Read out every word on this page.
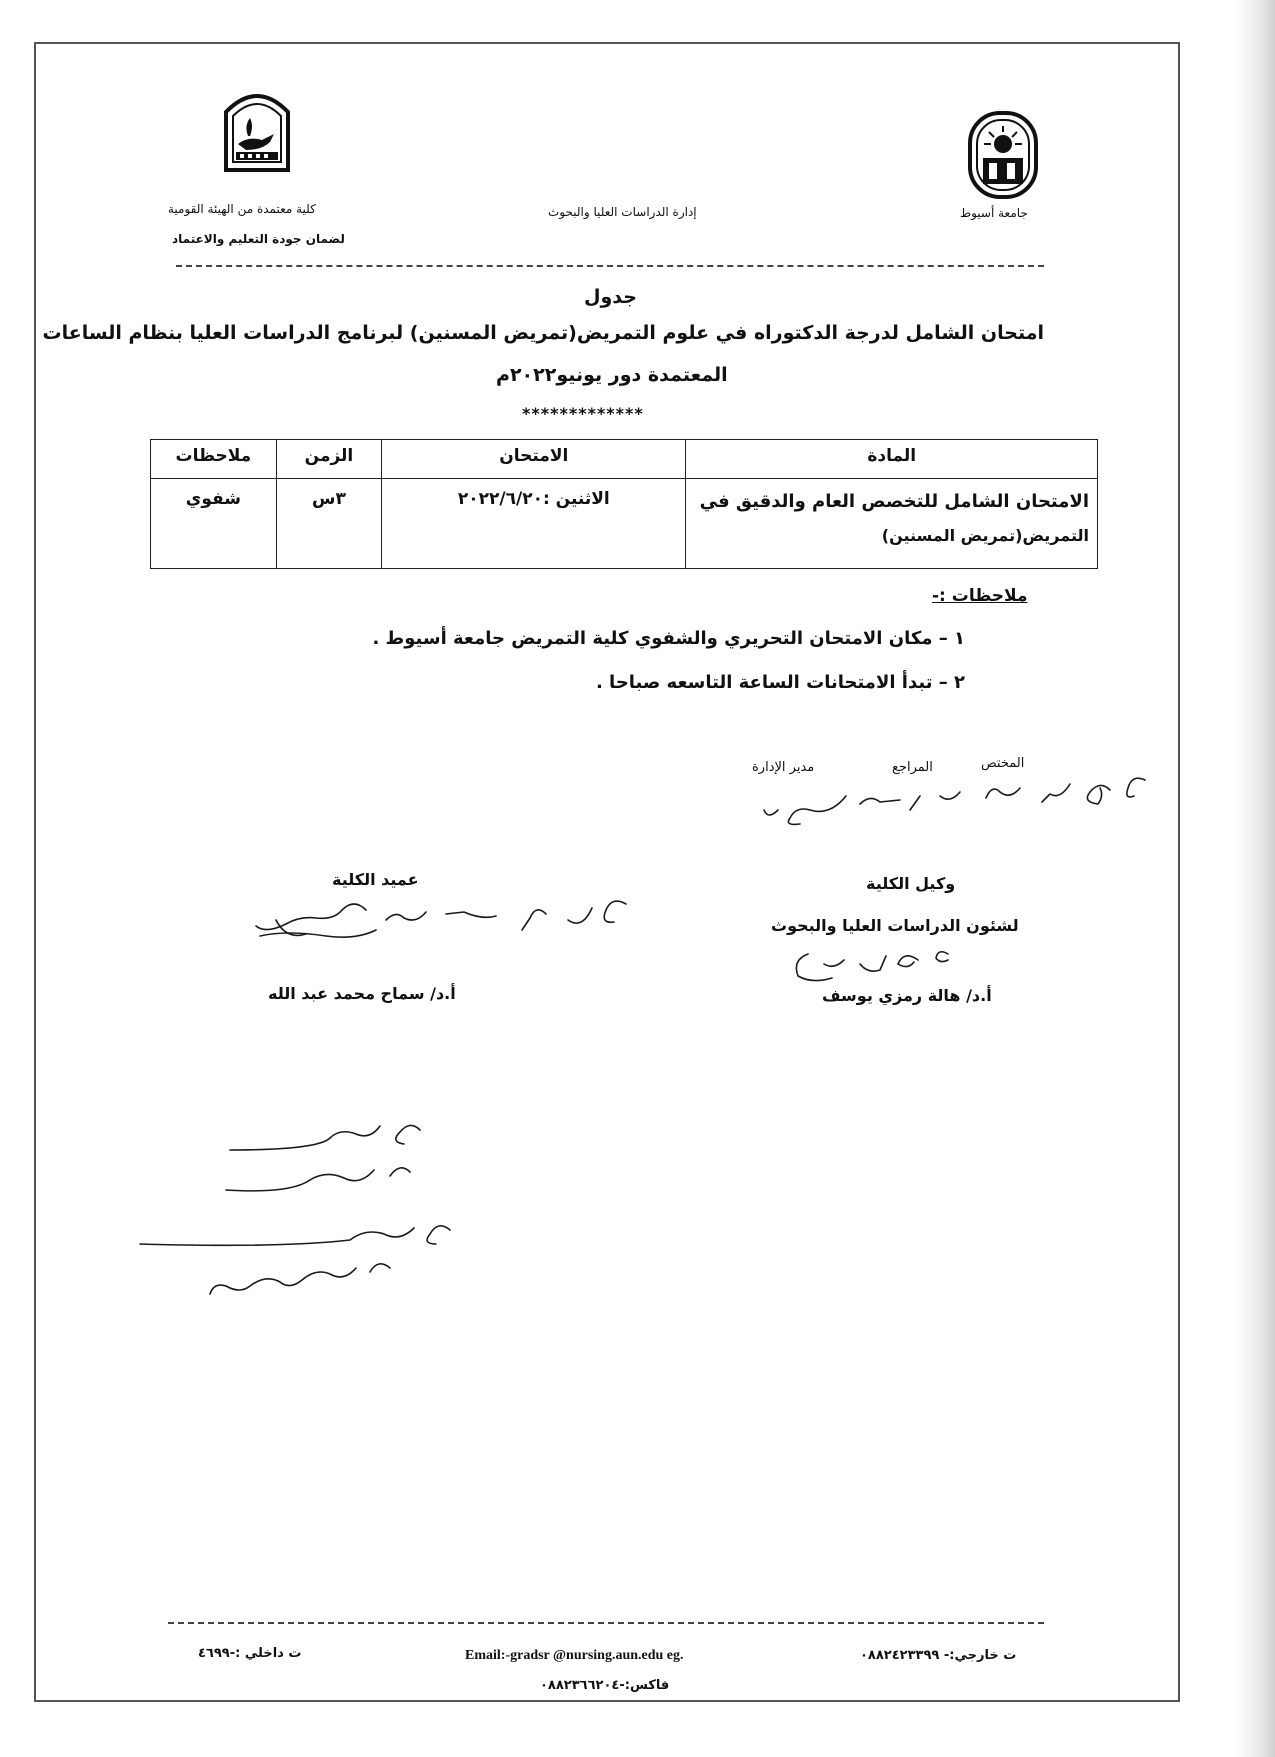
جامعة أسيوط
كلية معتمدة من الهيئة القومية
لضمان جودة التعليم والاعتماد
إدارة الدراسات العليا والبحوث
جدول
امتحان الشامل لدرجة الدكتوراه في علوم التمريض(تمريض المسنين) لبرنامج الدراسات العليا بنظام الساعات
المعتمدة دور يونيو٢٠٢٢م
*************
المادة	الامتحان	الزمن	ملاحظات

الامتحان الشامل للتخصص العام والدقيق في
التمريض(تمريض المسنين)	الاثنين :٢٠٢٢/٦/٢٠	٣س	شفوي
ملاحظات :-
١ – مكان الامتحان التحريري والشفوي كلية التمريض جامعة أسيوط .
٢ – تبدأ الامتحانات الساعة التاسعه صباحا .
المختص
المراجع
مدير الإدارة
وكيل الكلية
لشئون الدراسات العليا والبحوث
أ.د/ هالة رمزي يوسف
عميد الكلية
أ.د/ سماح محمد عبد الله
ت خارجي:- ٠٨٨٢٤٢٣٣٩٩
Email:-gradsr @nursing.aun.edu eg.
ت داخلي :-٤٦٩٩
فاكس:-٠٨٨٢٣٦٦٢٠٤
